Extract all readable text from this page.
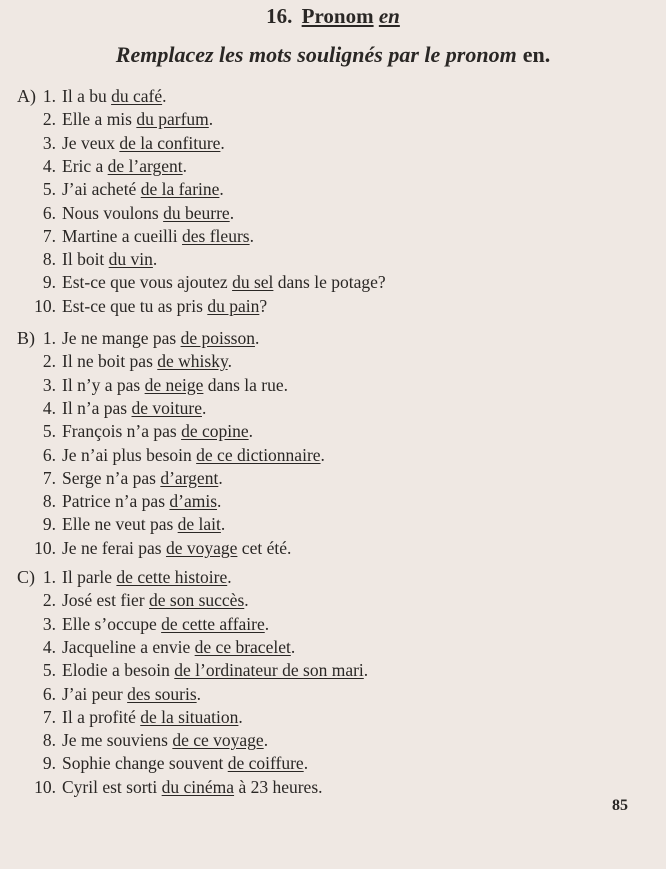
16. Pronom en
Remplacez les mots soulignés par le pronom en.
A) 1. Il a bu du café.
2. Elle a mis du parfum.
3. Je veux de la confiture.
4. Eric a de l’argent.
5. J’ai acheté de la farine.
6. Nous voulons du beurre.
7. Martine a cueilli des fleurs.
8. Il boit du vin.
9. Est-ce que vous ajoutez du sel dans le potage?
10. Est-ce que tu as pris du pain?
B) 1. Je ne mange pas de poisson.
2. Il ne boit pas de whisky.
3. Il n’y a pas de neige dans la rue.
4. Il n’a pas de voiture.
5. François n’a pas de copine.
6. Je n’ai plus besoin de ce dictionnaire.
7. Serge n’a pas d’argent.
8. Patrice n’a pas d’amis.
9. Elle ne veut pas de lait.
10. Je ne ferai pas de voyage cet été.
C) 1. Il parle de cette histoire.
2. José est fier de son succès.
3. Elle s’occupe de cette affaire.
4. Jacqueline a envie de ce bracelet.
5. Elodie a besoin de l’ordinateur de son mari.
6. J’ai peur des souris.
7. Il a profité de la situation.
8. Je me souviens de ce voyage.
9. Sophie change souvent de coiffure.
10. Cyril est sorti du cinéma à 23 heures.
85
